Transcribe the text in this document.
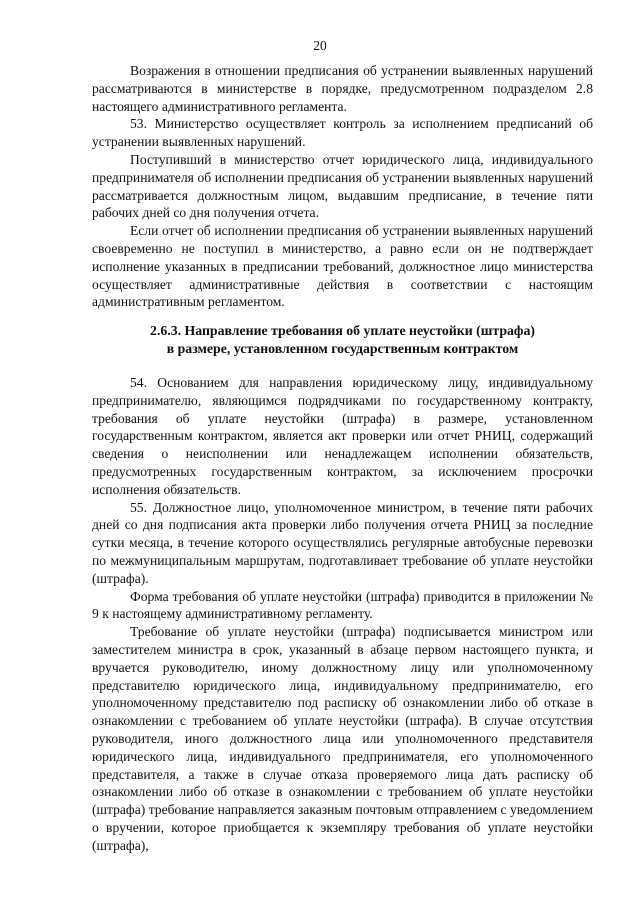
20

Возражения в отношении предписания об устранении выявленных нарушений рассматриваются в министерстве в порядке, предусмотренном подразделом 2.8 настоящего административного регламента.

53. Министерство осуществляет контроль за исполнением предписаний об устранении выявленных нарушений.

Поступивший в министерство отчет юридического лица, индивидуального предпринимателя об исполнении предписания об устранении выявленных нарушений рассматривается должностным лицом, выдавшим предписание, в течение пяти рабочих дней со дня получения отчета.

Если отчет об исполнении предписания об устранении выявленных нарушений своевременно не поступил в министерство, а равно если он не подтверждает исполнение указанных в предписании требований, должностное лицо министерства осуществляет административные действия в соответствии с настоящим административным регламентом.

2.6.3. Направление требования об уплате неустойки (штрафа)
в размере, установленном государственным контрактом

54. Основанием для направления юридическому лицу, индивидуальному предпринимателю, являющимся подрядчиками по государственному контракту, требования об уплате неустойки (штрафа) в размере, установленном государственным контрактом, является акт проверки или отчет РНИЦ, содержащий сведения о неисполнении или ненадлежащем исполнении обязательств, предусмотренных государственным контрактом, за исключением просрочки исполнения обязательств.

55. Должностное лицо, уполномоченное министром, в течение пяти рабочих дней со дня подписания акта проверки либо получения отчета РНИЦ за последние сутки месяца, в течение которого осуществлялись регулярные автобусные перевозки по межмуниципальным маршрутам, подготавливает требование об уплате неустойки (штрафа).

Форма требования об уплате неустойки (штрафа) приводится в приложении № 9 к настоящему административному регламенту.

Требование об уплате неустойки (штрафа) подписывается министром или заместителем министра в срок, указанный в абзаце первом настоящего пункта, и вручается руководителю, иному должностному лицу или уполномоченному представителю юридического лица, индивидуальному предпринимателю, его уполномоченному представителю под расписку об ознакомлении либо об отказе в ознакомлении с требованием об уплате неустойки (штрафа). В случае отсутствия руководителя, иного должностного лица или уполномоченного представителя юридического лица, индивидуального предпринимателя, его уполномоченного представителя, а также в случае отказа проверяемого лица дать расписку об ознакомлении либо об отказе в ознакомлении с требованием об уплате неустойки (штрафа) требование направляется заказным почтовым отправлением с уведомлением о вручении, которое приобщается к экземпляру требования об уплате неустойки (штрафа),
